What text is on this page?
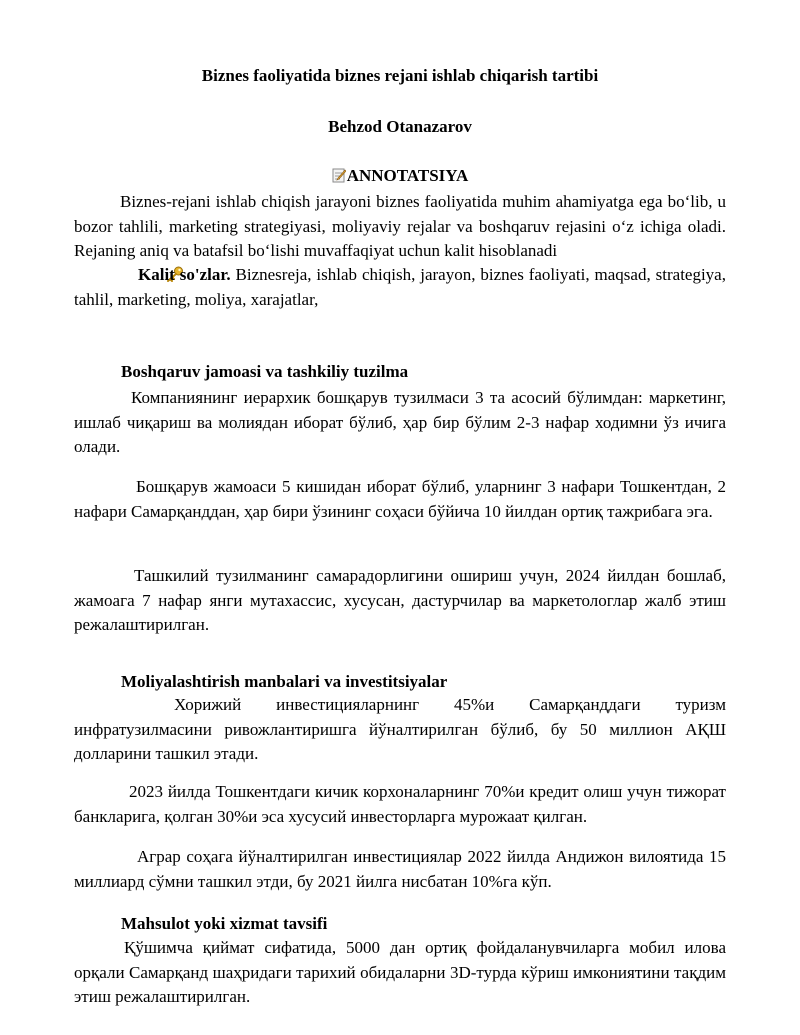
Biznes faoliyatida biznes rejani ishlab chiqarish tartibi
Behzod Otanazarov
ANNOTATSIYA
Biznes-rejani ishlab chiqish jarayoni biznes faoliyatida muhim ahamiyatga ega bo‘lib, u bozor tahlili, marketing strategiyasi, moliyaviy rejalar va boshqaruv rejasini o‘z ichiga oladi. Rejaning aniq va batafsil bo‘lishi muvaffaqiyat uchun kalit hisoblanadi
Kalit so'zlar. Biznesreja, ishlab chiqish, jarayon, biznes faoliyati, maqsad, strategiya, tahlil, marketing, moliya, xarajatlar,
Boshqaruv jamoasi va tashkiliy tuzilma
Компаниянинг иерархик бошқарув тузилмаси 3 та асосий бўлимдан: маркетинг, ишлаб чиқариш ва молиядан иборат бўлиб, ҳар бир бўлим 2-3 нафар ходимни ўз ичига олади.
Бошқарув жамоаси 5 кишидан иборат бўлиб, уларнинг 3 нафари Тошкентдан, 2 нафари Самарқанддан, ҳар бири ўзининг соҳаси бўйича 10 йилдан ортиқ тажрибага эга.
Ташкилий тузилманинг самарадорлигини ошириш учун, 2024 йилдан бошлаб, жамоага 7 нафар янги мутахассис, хусусан, дастурчилар ва маркетологлар жалб этиш режалаштирилган.
Moliyalashtirish manbalari va investitsiyalar
Хорижий инвестицияларнинг 45%и Самарқанддаги туризм инфратузилмасини ривожлантиришга йўналтирилган бўлиб, бу 50 миллион АҚШ долларини ташкил этади.
2023 йилда Тошкентдаги кичик корхоналарнинг 70%и кредит олиш учун тижорат банкларига, қолган 30%и эса хусусий инвесторларга мурожаат қилган.
Аграр соҳага йўналтирилган инвестициялар 2022 йилда Андижон вилоятида 15 миллиард сўмни ташкил этди, бу 2021 йилга нисбатан 10%га кўп.
Mahsulot yoki xizmat tavsifi
Қўшимча қиймат сифатида, 5000 дан ортиқ фойдаланувчиларга мобил илова орқали Самарқанд шаҳридаги тарихий обидаларни 3D-турда кўриш имкониятини тақдим этиш режалаштирилган.
